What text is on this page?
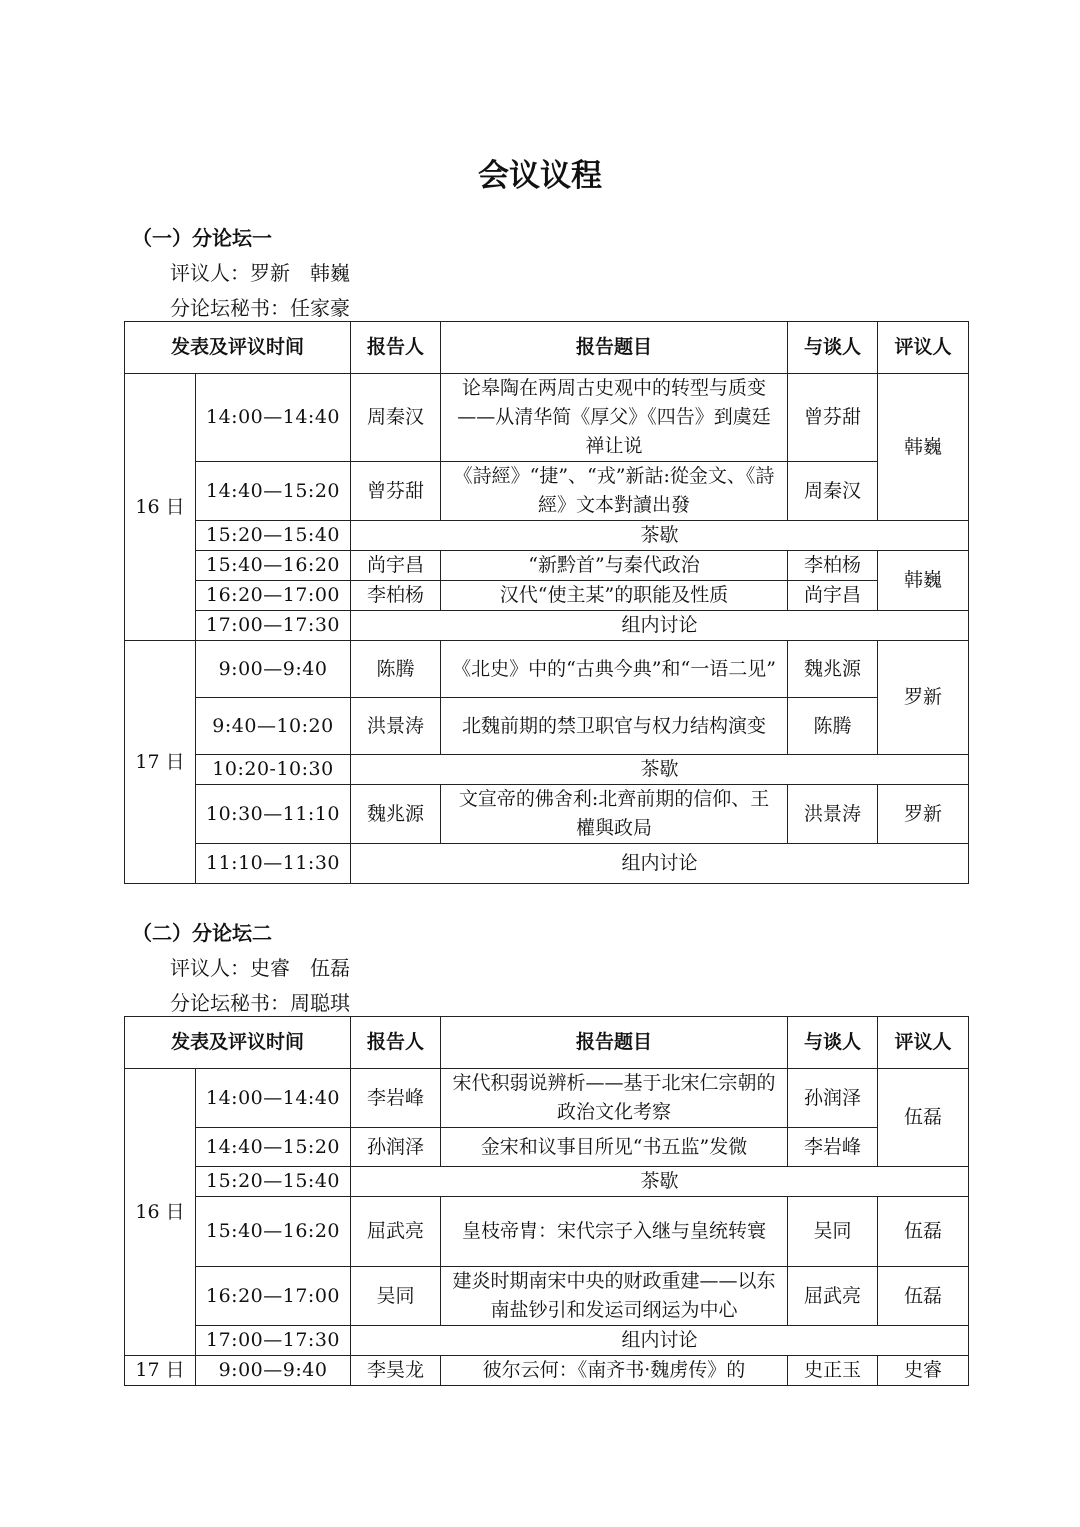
会议议程
（一）分论坛一
评议人：罗新　韩巍
分论坛秘书：任家豪
发表及评议时间		报告人	报告题目	与谈人	评议人
16 日	14:00—14:40	周秦汉	论皋陶在两周古史观中的转型与质变——从清华简《厚父》《四告》到虞廷禅让说	曾芬甜	韩巍
	14:40—15:20	曾芬甜	《詩經》“捷”、“戎”新詁:從金文、《詩經》文本對讀出發	周秦汉	
	15:20—15:40	茶歇			
	15:40—16:20	尚宇昌	“新黔首”与秦代政治	李柏杨	韩巍
	16:20—17:00	李柏杨	汉代“使主某”的职能及性质	尚宇昌	
	17:00—17:30	组内讨论			
17 日	9:00—9:40	陈腾	《北史》中的“古典今典”和“一语二见”	魏兆源	罗新
	9:40—10:20	洪景涛	北魏前期的禁卫职官与权力结构演变	陈腾	
	10:20-10:30	茶歇			
	10:30—11:10	魏兆源	文宣帝的佛舍利:北齊前期的信仰、王權與政局	洪景涛	罗新
	11:10—11:30	组内讨论			
（二）分论坛二
评议人：史睿　伍磊
分论坛秘书：周聪琪
发表及评议时间		报告人	报告题目	与谈人	评议人
16 日	14:00—14:40	李岩峰	宋代积弱说辨析——基于北宋仁宗朝的政治文化考察	孙润泽	伍磊
	14:40—15:20	孙润泽	金宋和议事目所见“书五监”发微	李岩峰	
	15:20—15:40	茶歇			
	15:40—16:20	屈武亮	皇枝帝胄：宋代宗子入继与皇统转寰	吴同	伍磊
	16:20—17:00	吴同	建炎时期南宋中央的财政重建——以东南盐钞引和发运司纲运为中心	屈武亮	伍磊
	17:00—17:30	组内讨论			
17 日	9:00—9:40	李昊龙	彼尔云何：《南齐书·魏虏传》的	史正玉	史睿
